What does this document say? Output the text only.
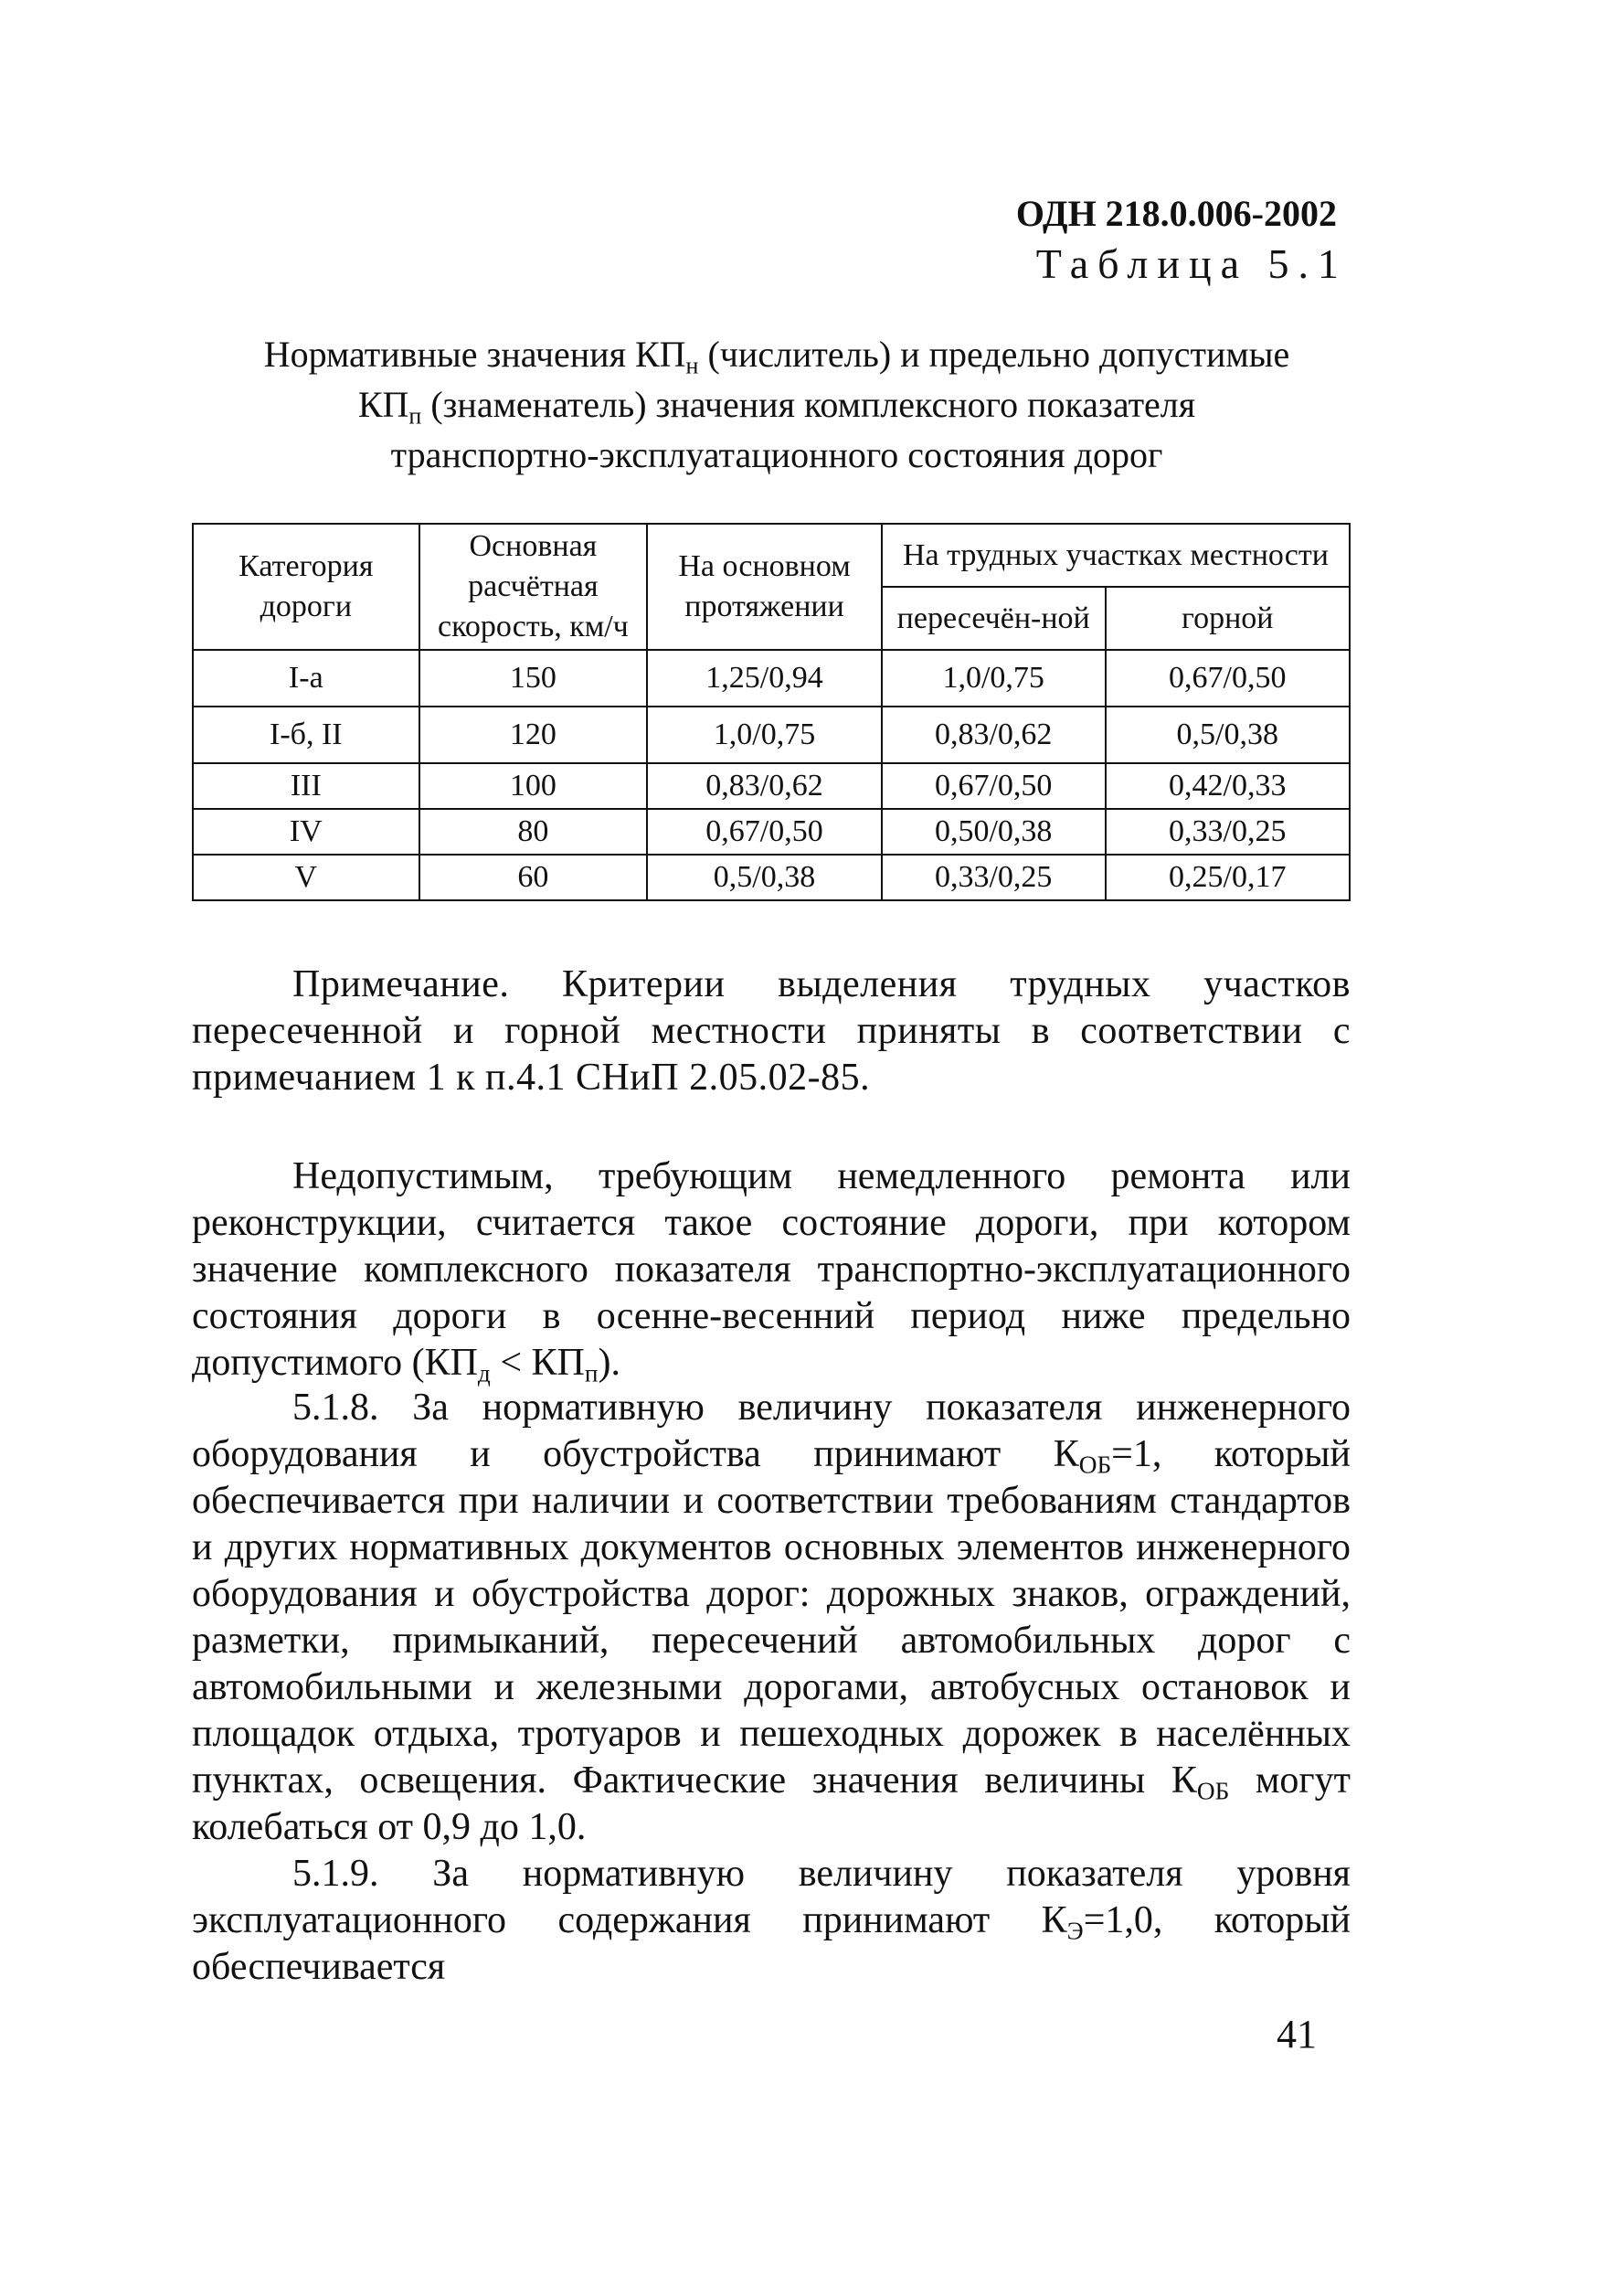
ОДН 218.0.006-2002
Таблица 5.1
Нормативные значения $КП_н$ (числитель) и предельно допустимые
$КП_п$ (знаменатель) значения комплексного показателя
транспортно-эксплуатационного состояния дорог
Категория дороги	Основная расчётная скорость, км/ч	На основном протяжении	На трудных участках местности	
			пересечён-ной	горной
I-а	150	1,25/0,94	1,0/0,75	0,67/0,50
I-б, II	120	1,0/0,75	0,83/0,62	0,5/0,38
III	100	0,83/0,62	0,67/0,50	0,42/0,33
IV	80	0,67/0,50	0,50/0,38	0,33/0,25
V	60	0,5/0,38	0,33/0,25	0,25/0,17
Примечание. Критерии выделения трудных участков пересеченной и горной местности приняты в соответствии с примечанием 1 к п.4.1 СНиП 2.05.02-85.
Недопустимым, требующим немедленного ремонта или реконструкции, считается такое состояние дороги, при котором значение комплексного показателя транспортно-эксплуатационного состояния дороги в осенне-весенний период ниже предельно допустимого $(КП_д < КП_п)$.
5.1.8. За нормативную величину показателя инженерного оборудования и обустройства принимают $К_{ОБ}=1$, который обеспечивается при наличии и соответствии требованиям стандартов и других нормативных документов основных элементов инженерного оборудования и обустройства дорог: дорожных знаков, ограждений, разметки, примыканий, пересечений автомобильных дорог с автомобильными и железными дорогами, автобусных остановок и площадок отдыха, тротуаров и пешеходных дорожек в населённых пунктах, освещения. Фактические значения величины $К_{ОБ}$ могут колебаться от 0,9 до 1,0.
5.1.9. За нормативную величину показателя уровня эксплуатационного содержания принимают $К_Э=1,0$, который обеспечивается
41
